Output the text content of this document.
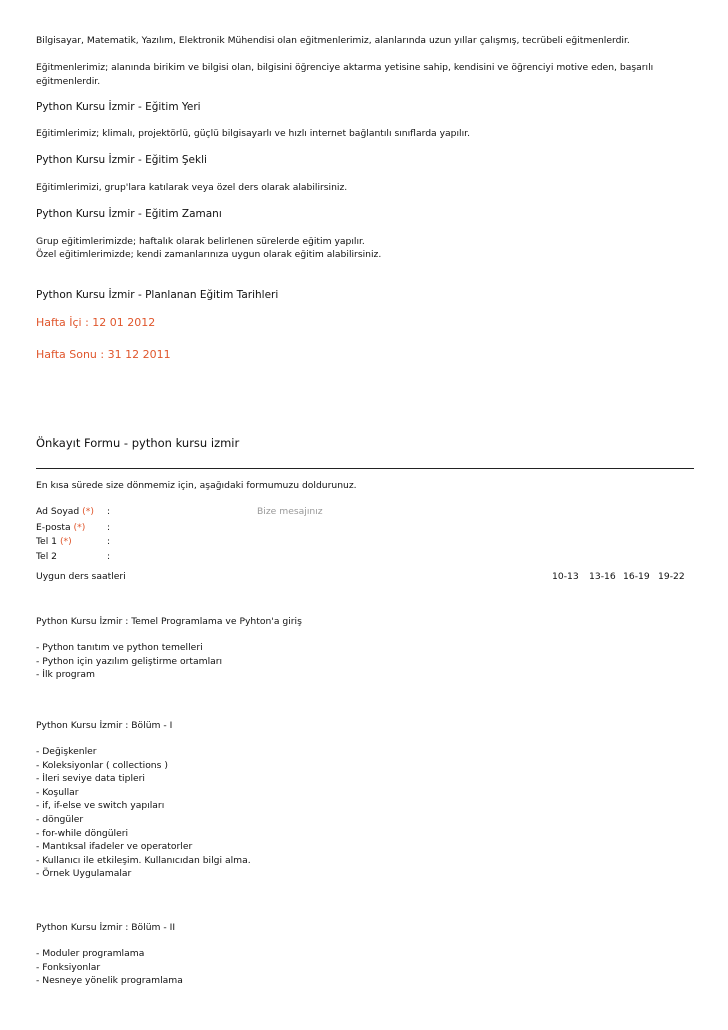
Bilgisayar, Matematik, Yazılım, Elektronik Mühendisi olan eğitmenlerimiz, alanlarında uzun yıllar çalışmış, tecrübeli eğitmenlerdir.

Eğitmenlerimiz; alanında birikim ve bilgisi olan, bilgisini öğrenciye aktarma yetisine sahip, kendisini ve öğrenciyi motive eden, başarılı

eğitmenlerdir.

Python Kursu İzmir - Eğitim Yeri

Eğitimlerimiz; klimalı, projektörlü, güçlü bilgisayarlı ve hızlı internet bağlantılı sınıflarda yapılır.

Python Kursu İzmir - Eğitim Şekli

Eğitimlerimizi, grup'lara katılarak veya özel ders olarak alabilirsiniz.

Python Kursu İzmir - Eğitim Zamanı

Grup eğitimlerimizde; haftalık olarak belirlenen sürelerde eğitim yapılır.

Özel eğitimlerimizde; kendi zamanlarınıza uygun olarak eğitim alabilirsiniz.

Python Kursu İzmir - Planlanan Eğitim Tarihleri

Hafta İçi : 12 01 2012

Hafta Sonu : 31 12 2011

Önkayıt Formu - python kursu izmir

En kısa sürede size dönmemiz için, aşağıdaki formumuzu doldurunuz.

Ad Soyad (*) :	Bize mesajınız
E-posta (*) :
Tel 1 (*)	:
Tel 2	:
Uygun ders saatleri	10-13 13-16 16-19 19-22

Python Kursu İzmir : Temel Programlama ve Pyhton'a giriş

- Python tanıtım ve python temelleri
- Python için yazılım geliştirme ortamları
- İlk program

Python Kursu İzmir : Bölüm - I

- Değişkenler
- Koleksiyonlar ( collections )
- İleri seviye data tipleri
- Koşullar
- if, if-else ve switch yapıları
- döngüler
- for-while döngüleri
- Mantıksal ifadeler ve operatorler
- Kullanıcı ile etkileşim. Kullanıcıdan bilgi alma.
- Örnek Uygulamalar

Python Kursu İzmir : Bölüm - II

- Moduler programlama
- Fonksiyonlar
- Nesneye yönelik programlama
